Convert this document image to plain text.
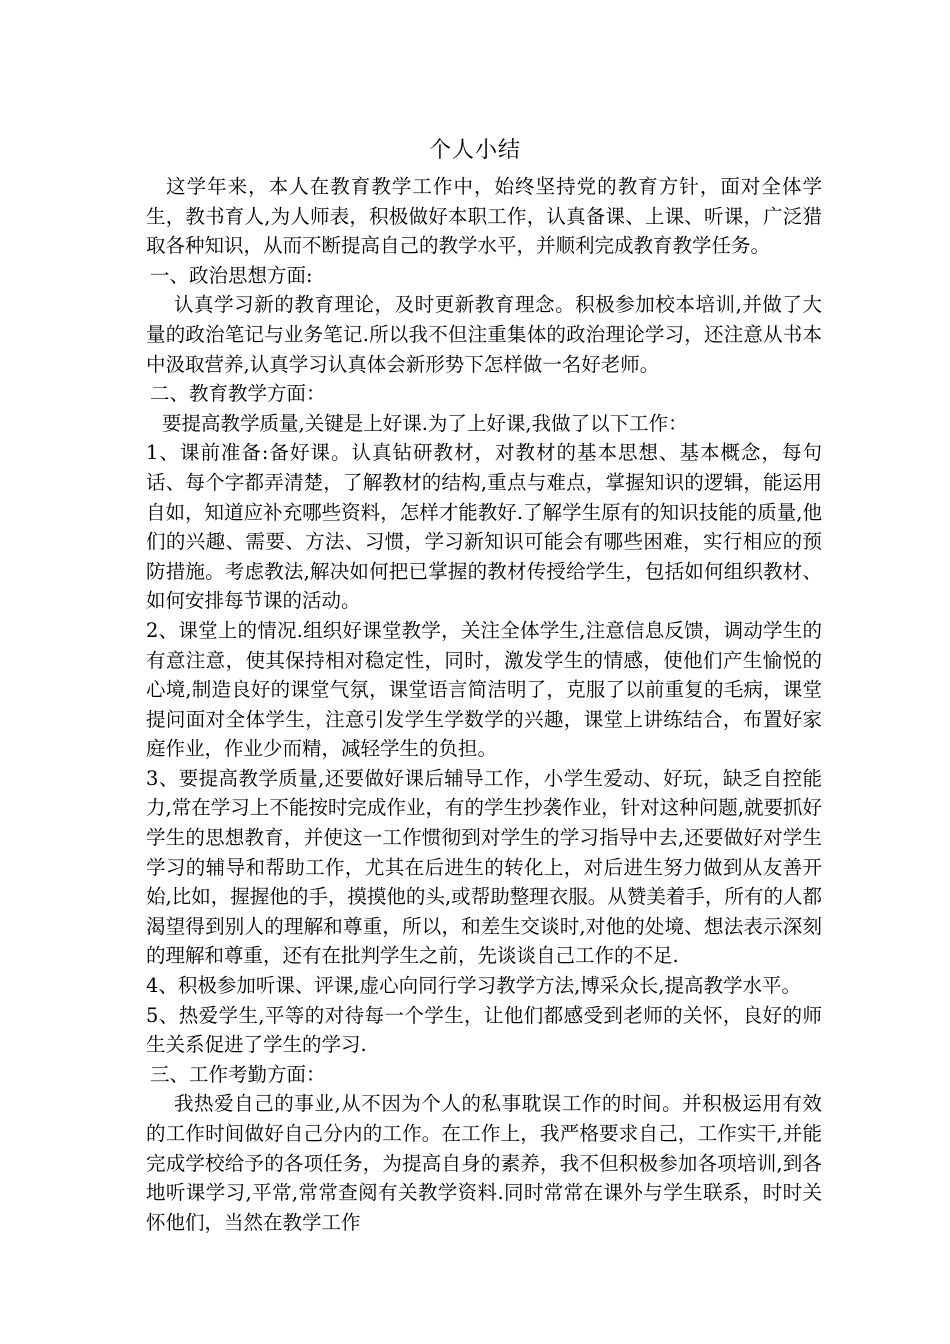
个人小结

这学年来，本人在教育教学工作中，始终坚持党的教育方针，面对全体学生，教书育人,为人师表，积极做好本职工作，认真备课、上课、听课，广泛猎取各种知识，从而不断提高自己的教学水平，并顺利完成教育教学任务。

一、政治思想方面:

认真学习新的教育理论，及时更新教育理念。积极参加校本培训,并做了大量的政治笔记与业务笔记.所以我不但注重集体的政治理论学习，还注意从书本中汲取营养,认真学习认真体会新形势下怎样做一名好老师。

二、教育教学方面：

要提高教学质量,关键是上好课.为了上好课,我做了以下工作：

1、课前准备:备好课。认真钻研教材，对教材的基本思想、基本概念，每句话、每个字都弄清楚，了解教材的结构,重点与难点，掌握知识的逻辑，能运用自如，知道应补充哪些资料，怎样才能教好.了解学生原有的知识技能的质量,他们的兴趣、需要、方法、习惯，学习新知识可能会有哪些困难，实行相应的预防措施。考虑教法,解决如何把已掌握的教材传授给学生，包括如何组织教材、如何安排每节课的活动。

2、课堂上的情况.组织好课堂教学，关注全体学生,注意信息反馈，调动学生的有意注意，使其保持相对稳定性，同时，激发学生的情感，使他们产生愉悦的心境,制造良好的课堂气氛，课堂语言简洁明了，克服了以前重复的毛病，课堂提问面对全体学生，注意引发学生学数学的兴趣，课堂上讲练结合，布置好家庭作业，作业少而精，减轻学生的负担。

3、要提高教学质量,还要做好课后辅导工作，小学生爱动、好玩，缺乏自控能力,常在学习上不能按时完成作业，有的学生抄袭作业，针对这种问题,就要抓好学生的思想教育，并使这一工作惯彻到对学生的学习指导中去,还要做好对学生学习的辅导和帮助工作，尤其在后进生的转化上，对后进生努力做到从友善开始,比如，握握他的手，摸摸他的头,或帮助整理衣服。从赞美着手，所有的人都渴望得到别人的理解和尊重，所以，和差生交谈时,对他的处境、想法表示深刻的理解和尊重，还有在批判学生之前，先谈谈自己工作的不足.

4、积极参加听课、评课,虚心向同行学习教学方法,博采众长,提高教学水平。

5、热爱学生,平等的对待每一个学生，让他们都感受到老师的关怀，良好的师生关系促进了学生的学习.

三、工作考勤方面：

我热爱自己的事业,从不因为个人的私事耽误工作的时间。并积极运用有效的工作时间做好自己分内的工作。在工作上，我严格要求自己，工作实干,并能完成学校给予的各项任务，为提高自身的素养，我不但积极参加各项培训,到各地听课学习,平常,常常查阅有关教学资料.同时常常在课外与学生联系，时时关怀他们，当然在教学工作
